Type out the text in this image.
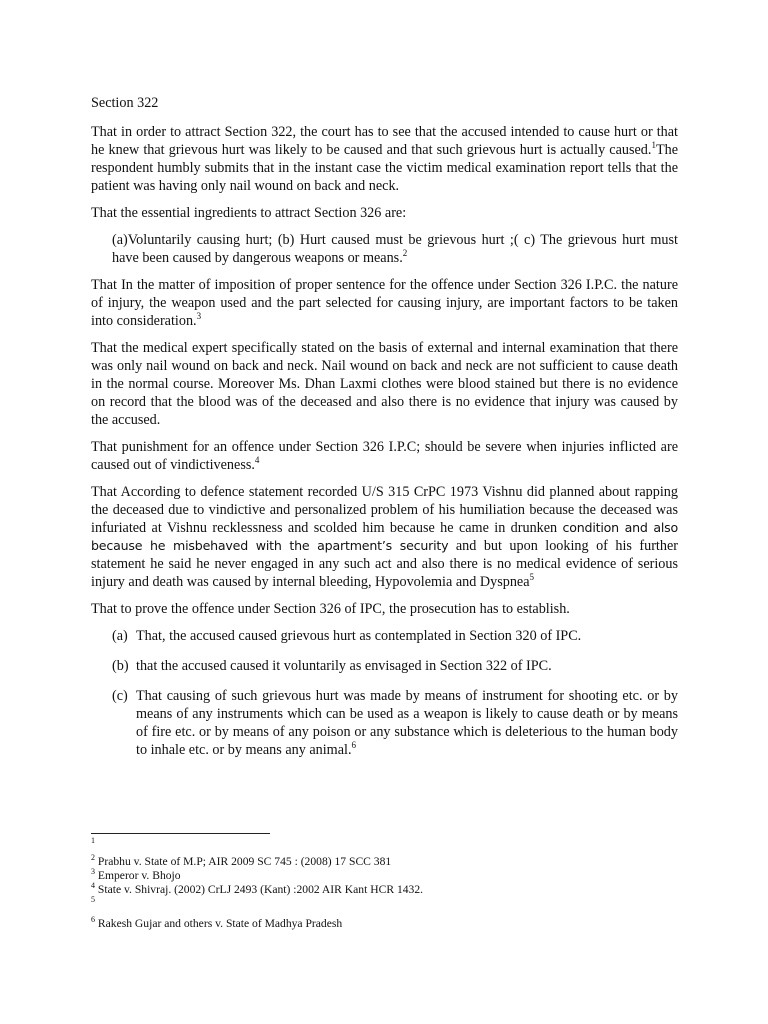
Section 322

That in order to attract Section 322, the court has to see that the accused intended to cause hurt or that he knew that grievous hurt was likely to be caused and that such grievous hurt is actually caused.$^1$The respondent humbly submits that in the instant case the victim medical examination report tells that the patient was having only nail wound on back and neck.

That the essential ingredients to attract Section 326 are:

(a)Voluntarily causing hurt; (b) Hurt caused must be grievous hurt ;( c) The grievous hurt must have been caused by dangerous weapons or means.$^2$

That In the matter of imposition of proper sentence for the offence under Section 326 I.P.C. the nature of injury, the weapon used and the part selected for causing injury, are important factors to be taken into consideration.$^3$

That the medical expert specifically stated on the basis of external and internal examination that there was only nail wound on back and neck. Nail wound on back and neck are not sufficient to cause death in the normal course. Moreover Ms. Dhan Laxmi clothes were blood stained but there is no evidence on record that the blood was of the deceased and also there is no evidence that injury was caused by the accused.

That punishment for an offence under Section 326 I.P.C; should be severe when injuries inflicted are caused out of vindictiveness.$^4$

That According to defence statement recorded U/S 315 CrPC 1973 Vishnu did planned about rapping the deceased due to vindictive and personalized problem of his humiliation because the deceased was infuriated at Vishnu recklessness and scolded him because he came in drunken condition and also because he misbehaved with the apartment’s security and but upon looking of his further statement he said he never engaged in any such act and also there is no medical evidence of serious injury and death was caused by internal bleeding, Hypovolemia and Dyspnea$^5$

That to prove the offence under Section 326 of IPC, the prosecution has to establish.

(a) That, the accused caused grievous hurt as contemplated in Section 320 of IPC.
(b) that the accused caused it voluntarily as envisaged in Section 322 of IPC.
(c) That causing of such grievous hurt was made by means of instrument for shooting etc. or by means of any instruments which can be used as a weapon is likely to cause death or by means of fire etc. or by means of any poison or any substance which is deleterious to the human body to inhale etc. or by means any animal.$^6$

$^1$

$^2$ Prabhu v. State of M.P; AIR 2009 SC 745 : (2008) 17 SCC 381

$^3$ Emperor v. Bhojo

$^4$ State v. Shivraj. (2002) CrLJ 2493 (Kant) :2002 AIR Kant HCR 1432.

$^5$

$^6$ Rakesh Gujar and others v. State of Madhya Pradesh
